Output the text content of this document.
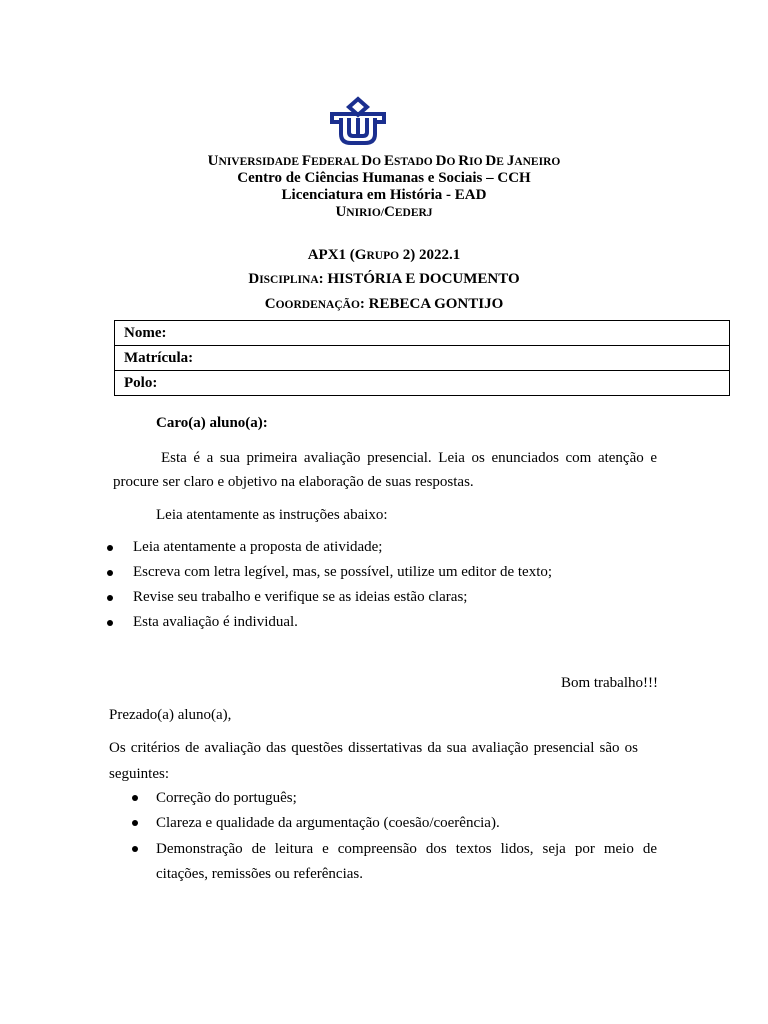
UNIVERSIDADE FEDERAL DO ESTADO DO RIO DE JANEIRO
Centro de Ciências Humanas e Sociais – CCH
Licenciatura em História - EAD
UNIRIO/CEDERJ
APX1 (GRUPO 2) 2022.1
DISCIPLINA: HISTÓRIA E DOCUMENTO
COORDENAÇÃO: REBECA GONTIJO
Nome:
Matrícula:
Polo:
Caro(a) aluno(a):
Esta é a sua primeira avaliação presencial. Leia os enunciados com atenção e
procure ser claro e objetivo na elaboração de suas respostas.
Leia atentamente as instruções abaixo:
Leia atentamente a proposta de atividade;
Escreva com letra legível, mas, se possível, utilize um editor de texto;
Revise seu trabalho e verifique se as ideias estão claras;
Esta avaliação é individual.
Bom trabalho!!!
Prezado(a) aluno(a),
Os critérios de avaliação das questões dissertativas da sua avaliação presencial são os
seguintes:
Correção do português;
Clareza e qualidade da argumentação (coesão/coerência).
Demonstração de leitura e compreensão dos textos lidos, seja por meio de
citações, remissões ou referências.
